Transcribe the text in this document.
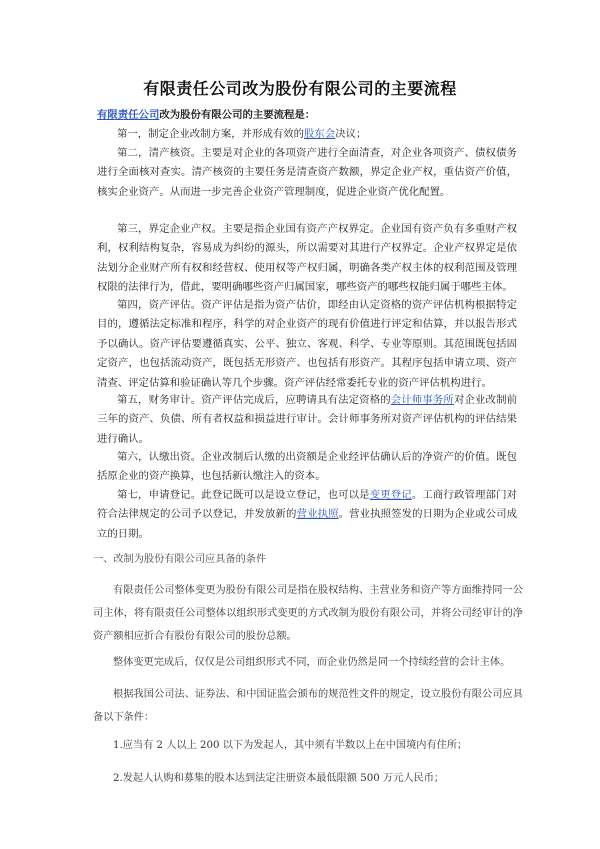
有限责任公司改为股份有限公司的主要流程
有限责任公司改为股份有限公司的主要流程是：
第一，制定企业改制方案，并形成有效的股东会决议；
第二，清产核资。主要是对企业的各项资产进行全面清查，对企业各项资产、债权债务进行全面核对查实。清产核资的主要任务是清查资产数额，界定企业产权，重估资产价值，核实企业资产。从而进一步完善企业资产管理制度，促进企业资产优化配置。
第三，界定企业产权。主要是指企业国有资产产权界定。企业国有资产负有多重财产权利，权利结构复杂，容易成为纠纷的源头，所以需要对其进行产权界定。企业产权界定是依法划分企业财产所有权和经营权、使用权等产权归属，明确各类产权主体的权利范围及管理权限的法律行为，借此，要明确哪些资产归属国家，哪些资产的哪些权能归属于哪些主体。
第四，资产评估。资产评估是指为资产估价，即经由认定资格的资产评估机构根据特定目的，遵循法定标准和程序，科学的对企业资产的现有价值进行评定和估算，并以报告形式予以确认。资产评估要遵循真实、公平、独立、客观、科学、专业等原则。其范围既包括固定资产，也包括流动资产，既包括无形资产、也包括有形资产。其程序包括申请立项、资产清查、评定估算和验证确认等几个步骤。资产评估经常委托专业的资产评估机构进行。
第五，财务审计。资产评估完成后，应聘请具有法定资格的会计师事务所对企业改制前三年的资产、负债、所有者权益和损益进行审计。会计师事务所对资产评估机构的评估结果进行确认。
第六，认缴出资。企业改制后认缴的出资额是企业经评估确认后的净资产的价值。既包括原企业的资产换算，也包括新认缴注入的资本。
第七，申请登记。此登记既可以是设立登记，也可以是变更登记。工商行政管理部门对符合法律规定的公司予以登记，并发放新的营业执照。营业执照签发的日期为企业或公司成立的日期。
一、改制为股份有限公司应具备的条件
有限责任公司整体变更为股份有限公司是指在股权结构、主营业务和资产等方面维持同一公司主体，将有限责任公司整体以组织形式变更的方式改制为股份有限公司，并将公司经审计的净资产额相应折合有股份有限公司的股份总额。
整体变更完成后，仅仅是公司组织形式不同，而企业仍然是同一个持续经营的会计主体。
根据我国公司法、证券法、和中国证监会颁布的规范性文件的规定，设立股份有限公司应具备以下条件：
1.应当有 2 人以上 200 以下为发起人，其中须有半数以上在中国境内有住所；
2.发起人认购和募集的股本达到法定注册资本最低限额 500 万元人民币；
